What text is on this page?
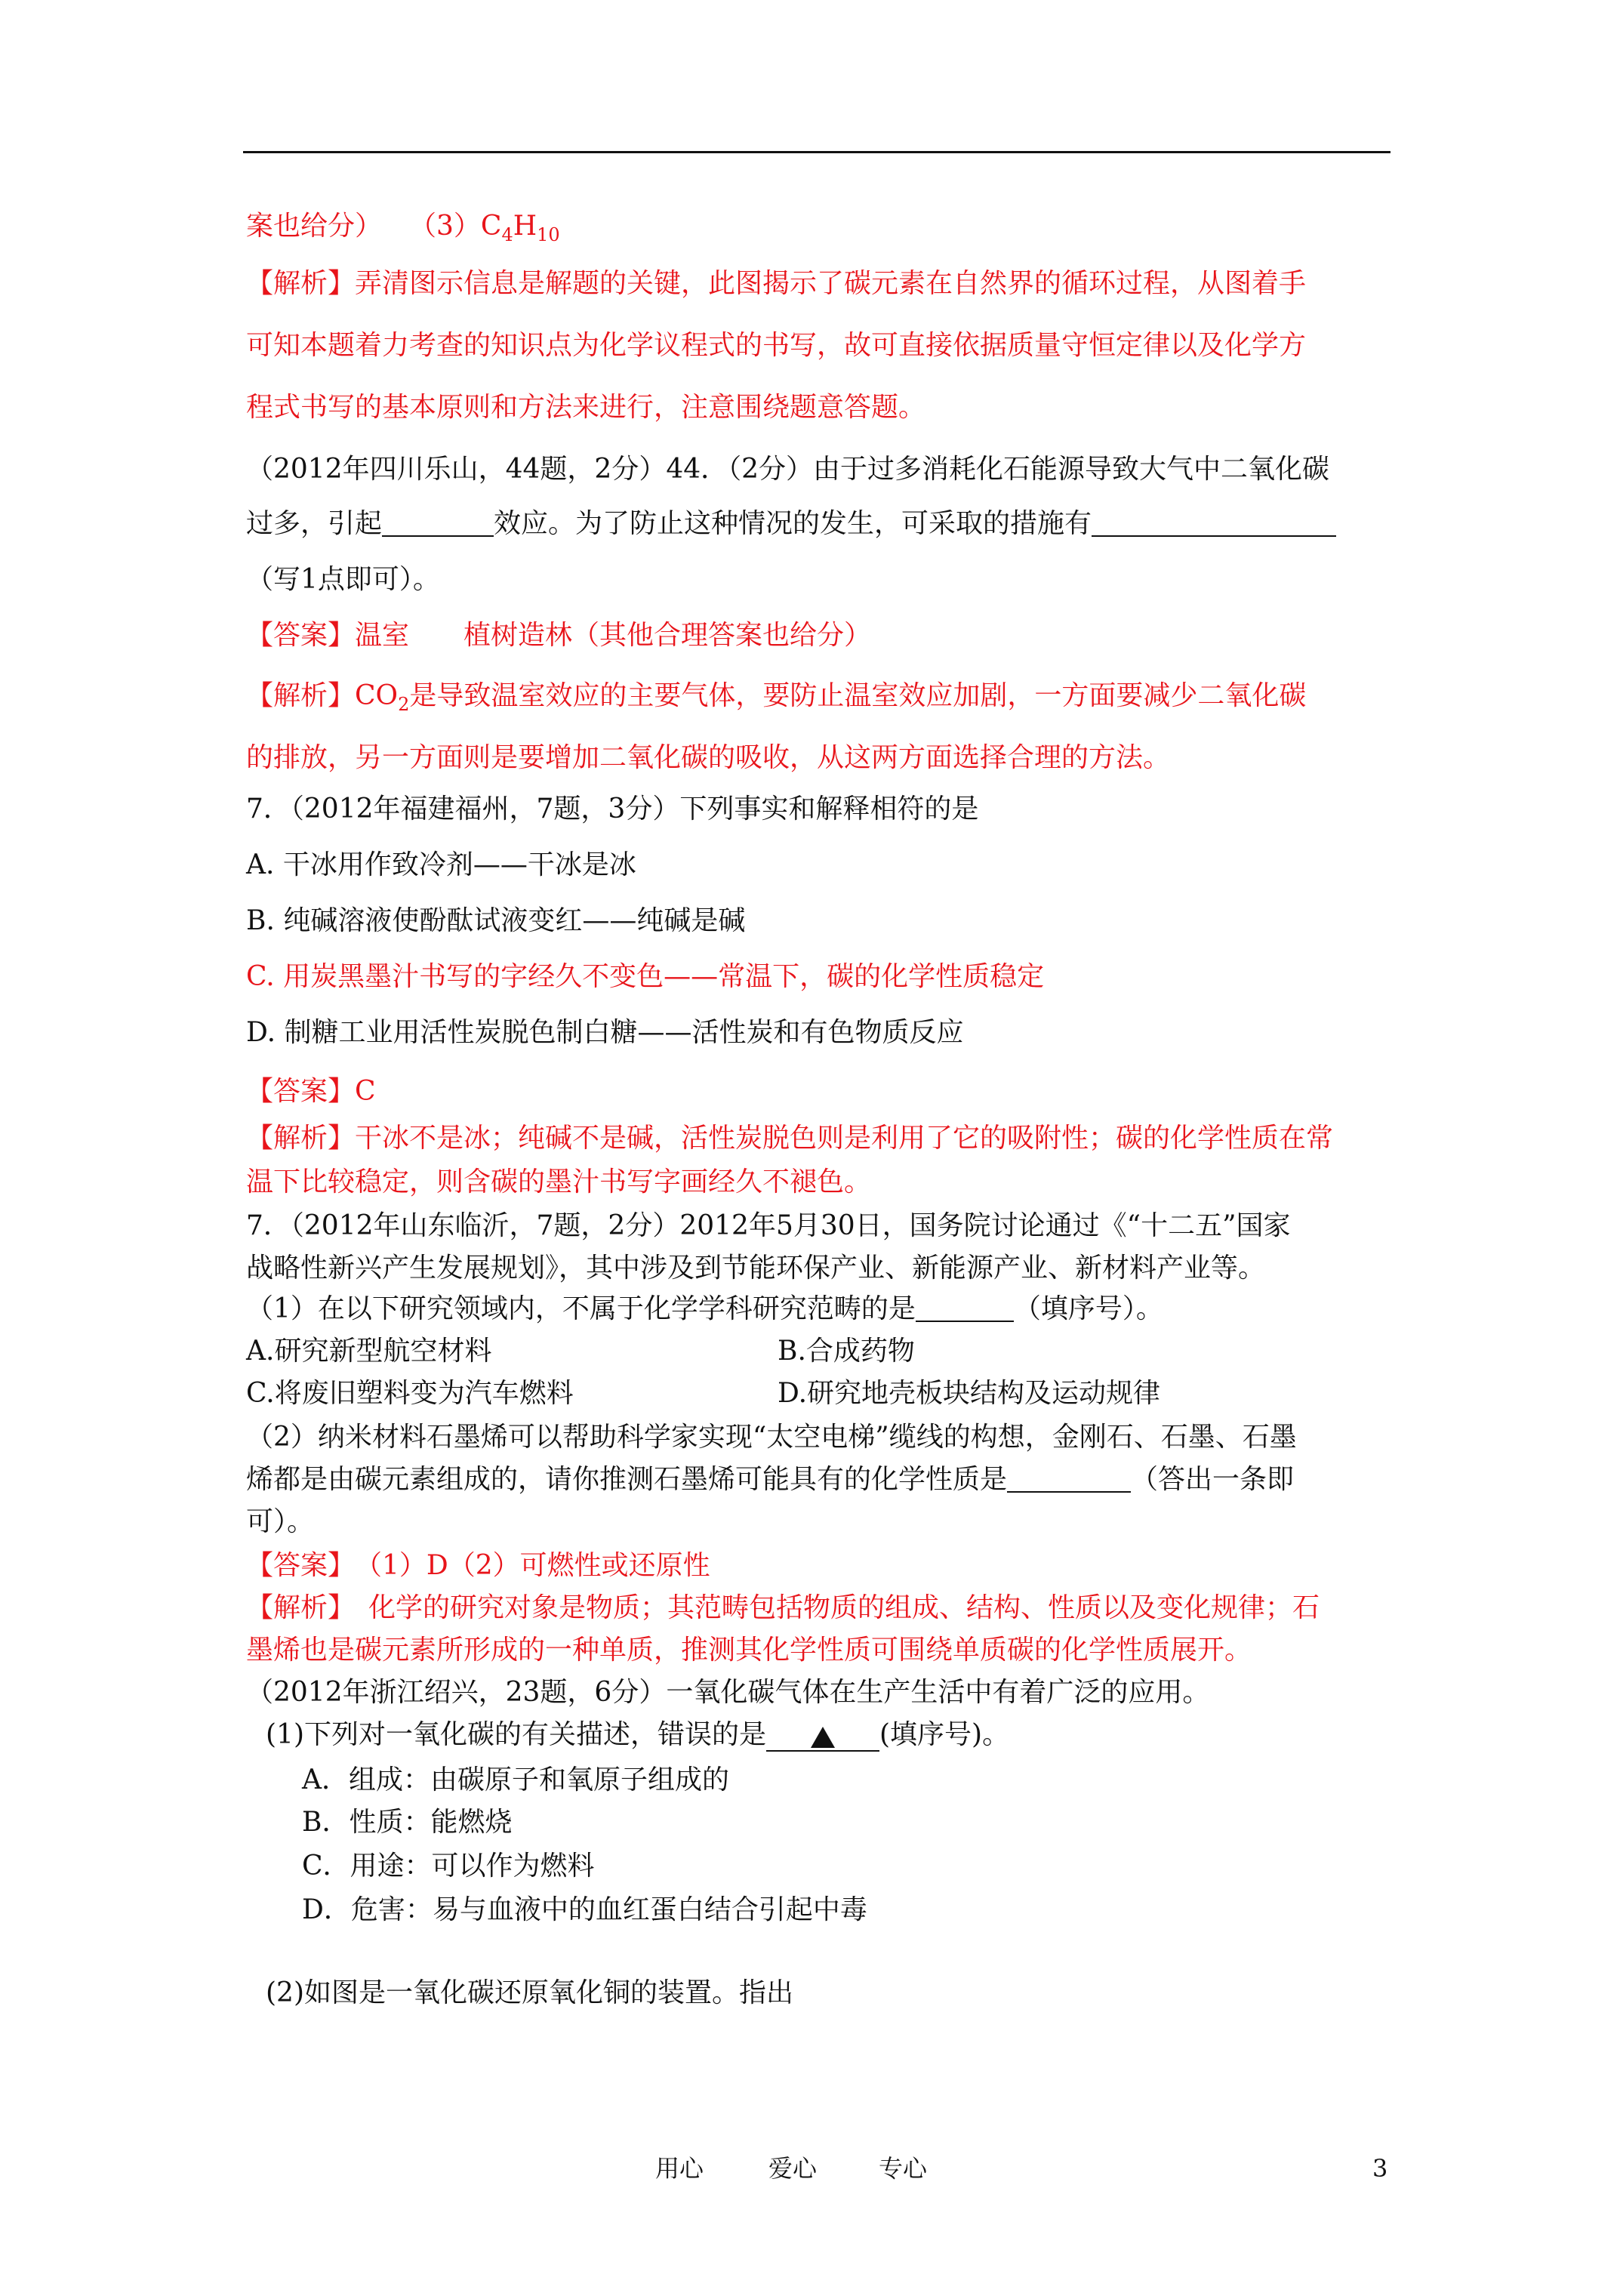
案也给分）　　$(3)C_4H_{10}$
【解析】弄清图示信息是解题的关键，此图揭示了碳元素在自然界的循环过程，从图着手
可知本题着力考查的知识点为化学议程式的书写，故可直接依据质量守恒定律以及化学方
程式书写的基本原则和方法来进行，注意围绕题意答题。
（2012年四川乐山，44题，2分）44．（2分）由于过多消耗化石能源导致大气中二氧化碳
过多，引起	效应。为了防止这种情况的发生，可采取的措施有
（写1点即可）。
【答案】温室　　植树造林（其他合理答案也给分）
【解析】$CO_2$是导致温室效应的主要气体，要防止温室效应加剧，一方面要减少二氧化碳
的排放，另一方面则是要增加二氧化碳的吸收，从这两方面选择合理的方法。
7．（2012年福建福州，7题，3分）下列事实和解释相符的是
A. 干冰用作致冷剂——干冰是冰
B. 纯碱溶液使酚酞试液变红——纯碱是碱
C. 用炭黑墨汁书写的字经久不变色——常温下，碳的化学性质稳定
D. 制糖工业用活性炭脱色制白糖——活性炭和有色物质反应
【答案】C
【解析】干冰不是冰；纯碱不是碱，活性炭脱色则是利用了它的吸附性；碳的化学性质在常
温下比较稳定，则含碳的墨汁书写字画经久不褪色。
7．（2012年山东临沂，7题，2分）2012年5月30日，国务院讨论通过《“十二五”国家
战略性新兴产生发展规划》，其中涉及到节能环保产业、新能源产业、新材料产业等。
（1）在以下研究领域内，不属于化学学科研究范畴的是	（填序号）。
A.研究新型航空材料	B.合成药物
C.将废旧塑料变为汽车燃料	D.研究地壳板块结构及运动规律
（2）纳米材料石墨烯可以帮助科学家实现“太空电梯”缆线的构想，金刚石、石墨、石墨
烯都是由碳元素组成的，请你推测石墨烯可能具有的化学性质是	（答出一条即
可）。
【答案】　（1）D（2）可燃性或还原性
【解析】　化学的研究对象是物质；其范畴包括物质的组成、结构、性质以及变化规律；石
墨烯也是碳元素所形成的一种单质，推测其化学性质可围绕单质碳的化学性质展开。
（2012年浙江绍兴，23题，6分）一氧化碳气体在生产生活中有着广泛的应用。
(1)下列对一氧化碳的有关描述，错误的是	(填序号)。
A．组成：由碳原子和氧原子组成的
B．性质：能燃烧
C．用途：可以作为燃料
D．危害：易与血液中的血红蛋白结合引起中毒
(2)如图是一氧化碳还原氧化铜的装置。指出
用心	爱心	专心	3
